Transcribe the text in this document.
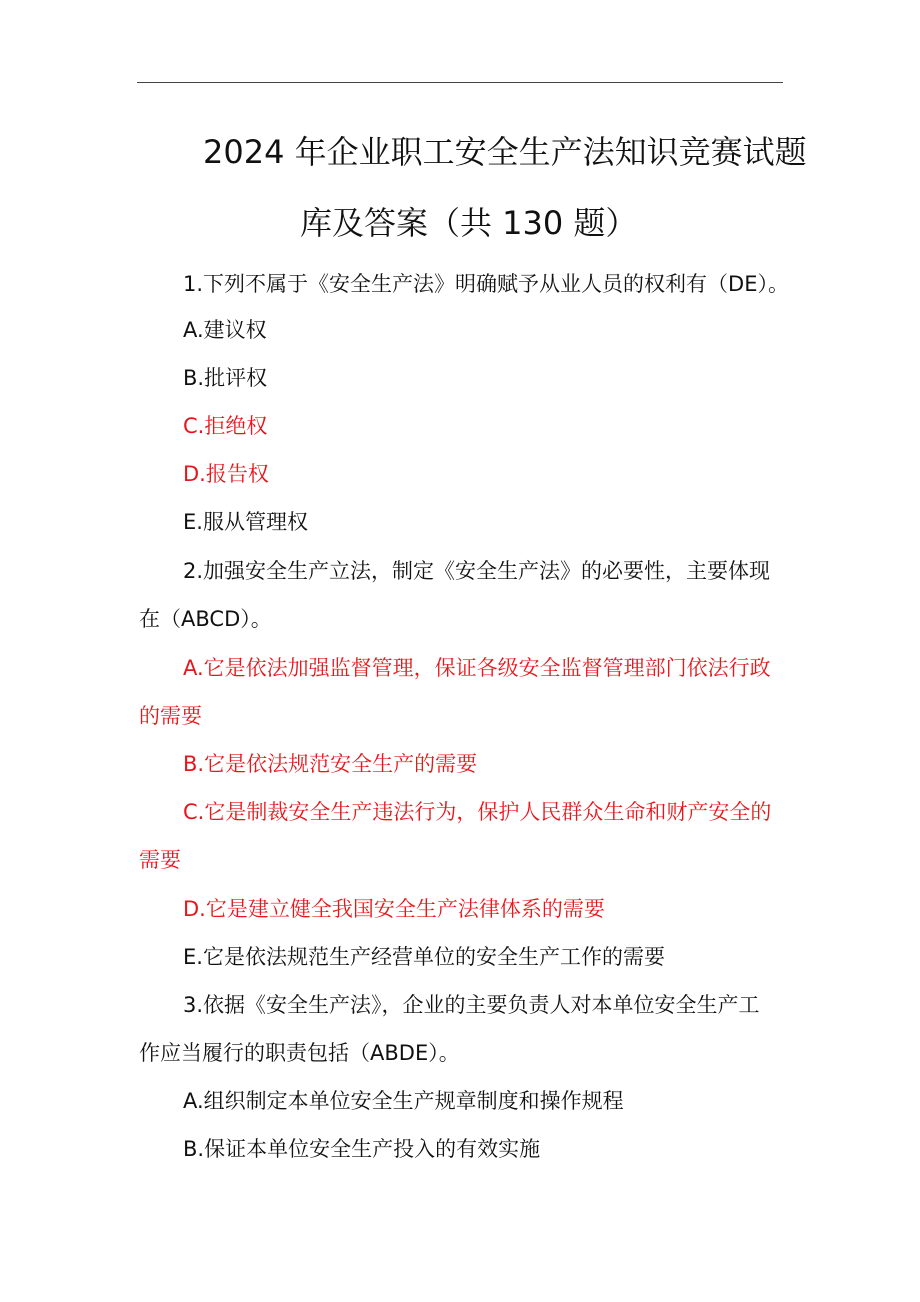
2024 年企业职工安全生产法知识竞赛试题
库及答案（共 130 题）
1.下列不属于《安全生产法》明确赋予从业人员的权利有（DE）。
A.建议权
B.批评权
C.拒绝权
D.报告权
E.服从管理权
2.加强安全生产立法，制定《安全生产法》的必要性，主要体现
在（ABCD）。
A.它是依法加强监督管理，保证各级安全监督管理部门依法行政
的需要
B.它是依法规范安全生产的需要
C.它是制裁安全生产违法行为，保护人民群众生命和财产安全的
需要
D.它是建立健全我国安全生产法律体系的需要
E.它是依法规范生产经营单位的安全生产工作的需要
3.依据《安全生产法》，企业的主要负责人对本单位安全生产工
作应当履行的职责包括（ABDE）。
A.组织制定本单位安全生产规章制度和操作规程
B.保证本单位安全生产投入的有效实施
